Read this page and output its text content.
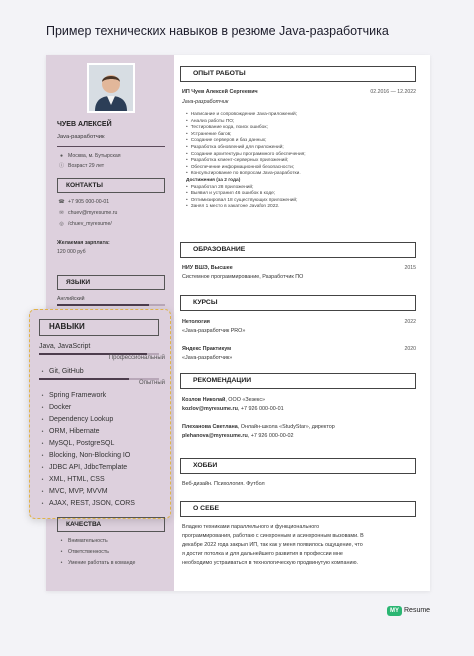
Пример технических навыков в резюме Java-разработчика
ЧУЕВ АЛЕКСЕЙ
Java-разработчик
● Москва, м. Бутырская
ⓘ Возраст 29 лет
КОНТАКТЫ
☎ +7 905 000-00-01
✉ chuev@myresume.ru
◎ /chuev_myresume/
Желаемая зарплата:
120 000 руб
ЯЗЫКИ
Английский
НАВЫКИ
Java, JavaScript
Профессиональный
• Git, GitHub
Опытный
• Spring Framework
• Docker
• Dependency Lookup
• ORM, Hibernate
• MySQL, PostgreSQL
• Blocking, Non-Blocking IO
• JDBC API, JdbcTemplate
• XML, HTML, CSS
• MVC, MVP, MVVM
• AJAX, REST, JSON, CORS
КАЧЕСТВА
• Внимательность
• Ответственность
• Умение работать в команде
ОПЫТ РАБОТЫ
ИП Чуев Алексей Сергеевич	02.2016 — 12.2022
Java-разработчик
• Написание и сопровождение Java-приложений;
• Анализ работы ПО;
• Тестирование кода, поиск ошибок;
• Устранение багов;
• Создание серверов и баз данных;
• Разработка обновлений для приложений;
• Создание архитектуры программного обеспечения;
• Разработка клиент-серверных приложений;
• Обеспечение информационной безопасности;
• Консультирование по вопросам Java-разработки.
Достижения (за 2 года)
• Разработал 28 приложений;
• Выявил и устранил 46 ошибок в коде;
• Оптимизировал 18 существующих приложений;
• Занял 1 место в хакатоне Javafon 2022.
ОБРАЗОВАНИЕ
НИУ ВШЭ, Высшее	2015
Системное программирование, Разработчик ПО
КУРСЫ
Нетология	2022
«Java-разработчик PRO»
Яндекс Практикум	2020
«Java-разработчик»
РЕКОМЕНДАЦИИ
Козлов Николай, ООО «Зезекс»
kozlov@myresume.ru, +7 926 000-00-01
Плеханова Светлана, Онлайн-школа «StudyStar», директор
plehanova@myresume.ru, +7 926 000-00-02
ХОББИ
Веб-дизайн. Психология. Футбол
О СЕБЕ
Владею техниками параллельного и функционального
программирования, работаю с синхронным и асинхронным вызовами. В
декабре 2022 года закрыл ИП, так как у меня появилось ощущение, что
я достиг потолка и для дальнейшего развития в профессии мне
необходимо устраиваться в технологическую продвинутую компанию.
MY Resume
